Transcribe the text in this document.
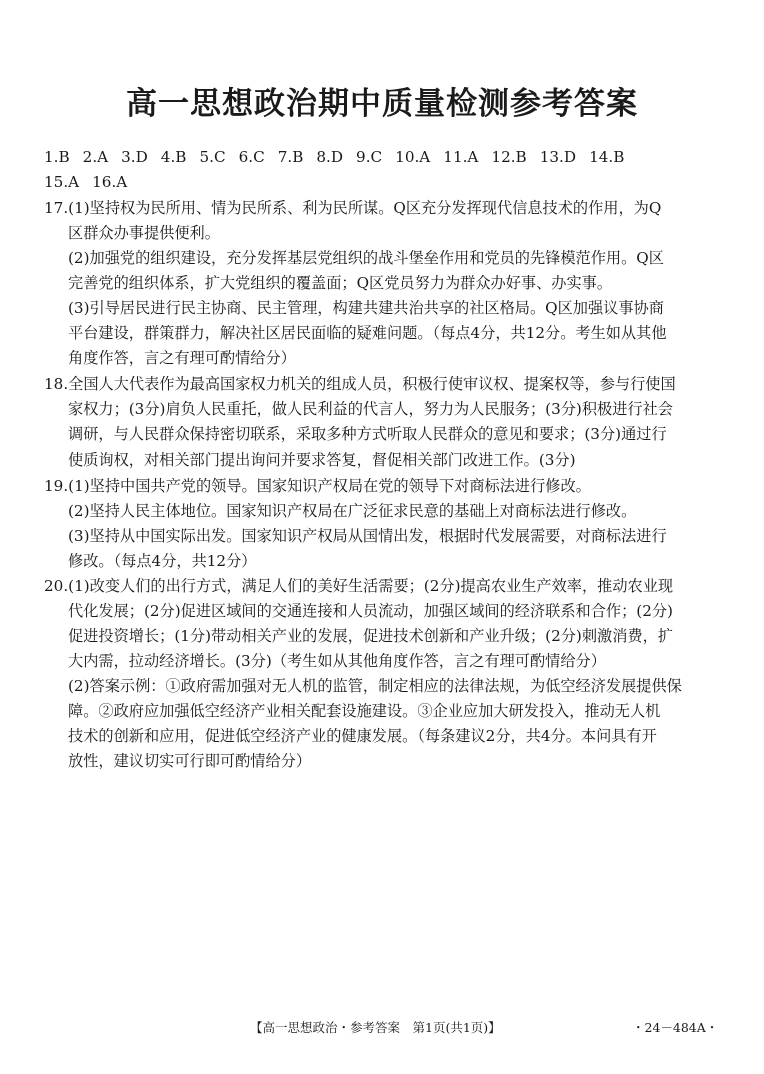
高一思想政治期中质量检测参考答案
1.B 2.A 3.D 4.B 5.C 6.C 7.B 8.D 9.C 10.A 11.A 12.B 13.D 14.B
15.A 16.A
17.(1)坚持权为民所用、情为民所系、利为民所谋。Q区充分发挥现代信息技术的作用，为Q
区群众办事提供便利。
(2)加强党的组织建设，充分发挥基层党组织的战斗堡垒作用和党员的先锋模范作用。Q区
完善党的组织体系，扩大党组织的覆盖面；Q区党员努力为群众办好事、办实事。
(3)引导居民进行民主协商、民主管理，构建共建共治共享的社区格局。Q区加强议事协商
平台建设，群策群力，解决社区居民面临的疑难问题。（每点4分，共12分。考生如从其他
角度作答，言之有理可酌情给分）
18.全国人大代表作为最高国家权力机关的组成人员，积极行使审议权、提案权等，参与行使国
家权力；(3分)肩负人民重托，做人民利益的代言人，努力为人民服务；(3分)积极进行社会
调研，与人民群众保持密切联系，采取多种方式听取人民群众的意见和要求；(3分)通过行
使质询权，对相关部门提出询问并要求答复，督促相关部门改进工作。(3分)
19.(1)坚持中国共产党的领导。国家知识产权局在党的领导下对商标法进行修改。
(2)坚持人民主体地位。国家知识产权局在广泛征求民意的基础上对商标法进行修改。
(3)坚持从中国实际出发。国家知识产权局从国情出发，根据时代发展需要，对商标法进行
修改。（每点4分，共12分）
20.(1)改变人们的出行方式，满足人们的美好生活需要；(2分)提高农业生产效率，推动农业现
代化发展；(2分)促进区域间的交通连接和人员流动，加强区域间的经济联系和合作；(2分)
促进投资增长；(1分)带动相关产业的发展，促进技术创新和产业升级；(2分)刺激消费，扩
大内需，拉动经济增长。(3分)（考生如从其他角度作答，言之有理可酌情给分）
(2)答案示例：①政府需加强对无人机的监管，制定相应的法律法规，为低空经济发展提供保
障。②政府应加强低空经济产业相关配套设施建设。③企业应加大研发投入，推动无人机
技术的创新和应用，促进低空经济产业的健康发展。（每条建议2分，共4分。本问具有开
放性，建议切实可行即可酌情给分）
【高一思想政治・参考答案　第1页(共1页)】	・24－484A・
